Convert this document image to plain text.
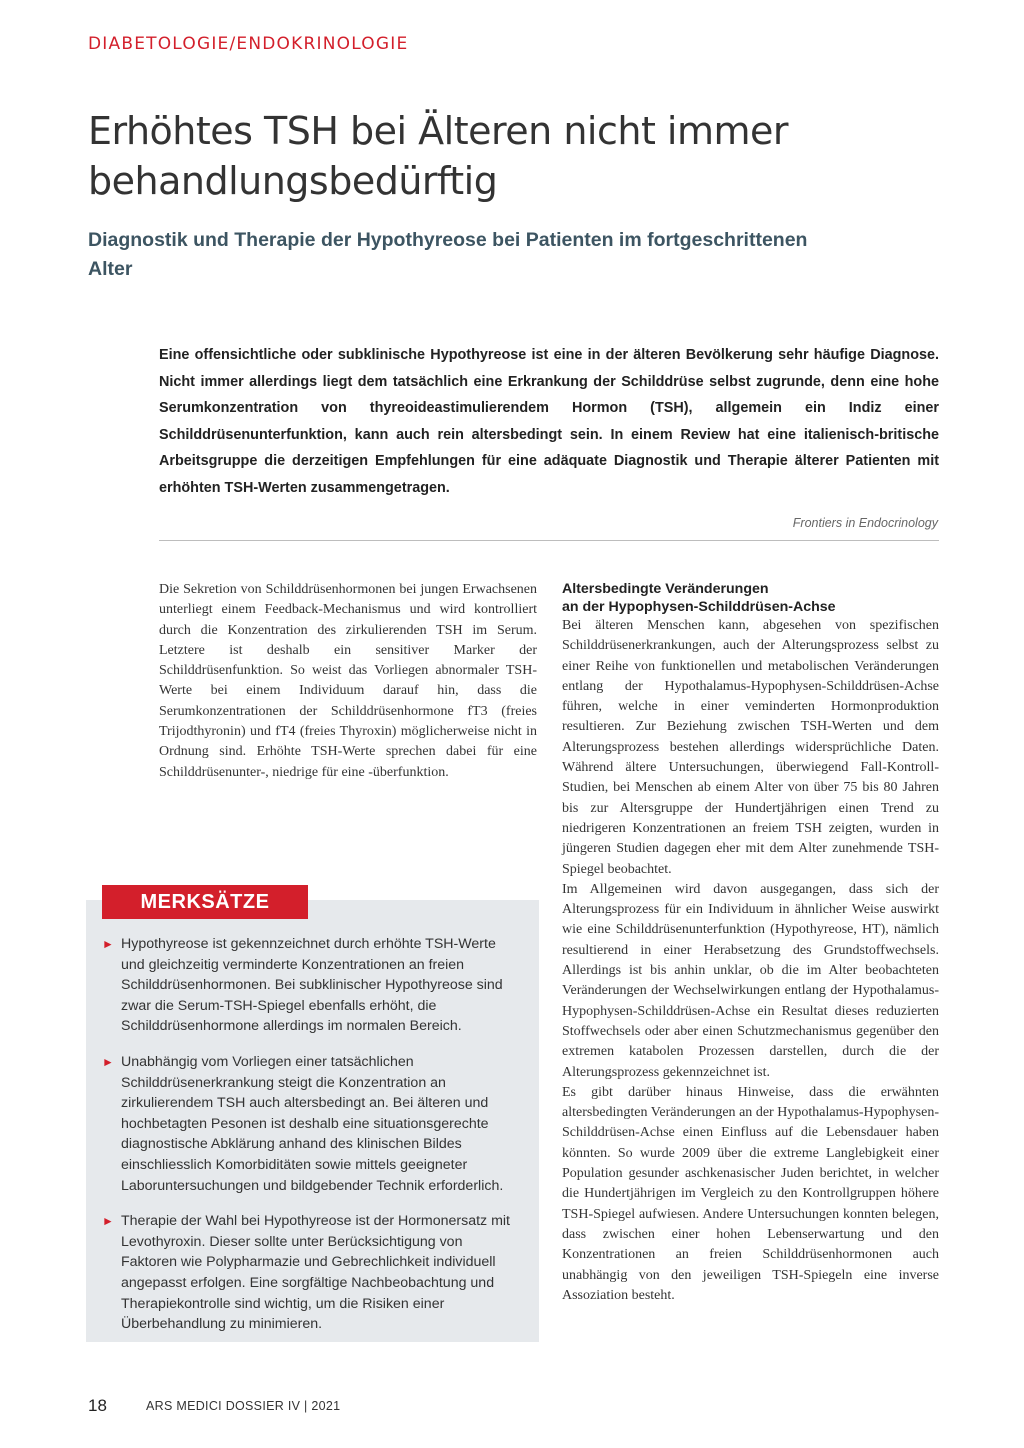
DIABETOLOGIE/ENDOKRINOLOGIE
Erhöhtes TSH bei Älteren nicht immer behandlungsbedürftig
Diagnostik und Therapie der Hypothyreose bei Patienten im fortgeschrittenen Alter

Eine offensichtliche oder subklinische Hypothyreose ist eine in der älteren Bevölkerung sehr häufige Diagnose. Nicht immer allerdings liegt dem tatsächlich eine Erkrankung der Schilddrüse selbst zugrunde, denn eine hohe Serumkonzentration von thyreoideastimulierendem Hormon (TSH), allgemein ein Indiz einer Schilddrüsenunterfunktion, kann auch rein altersbedingt sein. In einem Review hat eine italienisch-britische Arbeitsgruppe die derzeitigen Empfehlungen für eine adäquate Diagnostik und Therapie älterer Patienten mit erhöhten TSH-Werten zusammengetragen.

Frontiers in Endocrinology

Die Sekretion von Schilddrüsenhormonen bei jungen Erwachsenen unterliegt einem Feedback-Mechanismus und wird kontrolliert durch die Konzentration des zirkulierenden TSH im Serum. Letztere ist deshalb ein sensitiver Marker der Schilddrüsenfunktion. So weist das Vorliegen abnormaler TSH-Werte bei einem Individuum darauf hin, dass die Serumkonzentrationen der Schilddrüsenhormone fT3 (freies Trijodthyronin) und fT4 (freies Thyroxin) möglicherweise nicht in Ordnung sind. Erhöhte TSH-Werte sprechen dabei für eine Schilddrüsenunter-, niedrige für eine -überfunktion.

MERKSÄTZE
► Hypothyreose ist gekennzeichnet durch erhöhte TSH-Werte und gleichzeitig verminderte Konzentrationen an freien Schilddrüsenhormonen. Bei subklinischer Hypothyreose sind zwar die Serum-TSH-Spiegel ebenfalls erhöht, die Schilddrüsenhormone allerdings im normalen Bereich.
► Unabhängig vom Vorliegen einer tatsächlichen Schilddrüsenerkrankung steigt die Konzentration an zirkulierendem TSH auch altersbedingt an. Bei älteren und hochbetagten Pesonen ist deshalb eine situationsgerechte diagnostische Abklärung anhand des klinischen Bildes einschliesslich Komorbiditäten sowie mittels geeigneter Laboruntersuchungen und bildgebender Technik erforderlich.
► Therapie der Wahl bei Hypothyreose ist der Hormonersatz mit Levothyroxin. Dieser sollte unter Berücksichtigung von Faktoren wie Polypharmazie und Gebrechlichkeit individuell angepasst erfolgen. Eine sorgfältige Nachbeobachtung und Therapiekontrolle sind wichtig, um die Risiken einer Überbehandlung zu minimieren.
Altersbedingte Veränderungen
an der Hypophysen-Schilddrüsen-Achse

Bei älteren Menschen kann, abgesehen von spezifischen Schilddrüsenerkrankungen, auch der Alterungsprozess selbst zu einer Reihe von funktionellen und metabolischen Veränderungen entlang der Hypothalamus-Hypophysen-Schilddrüsen-Achse führen, welche in einer veminderten Hormonproduktion resultieren. Zur Beziehung zwischen TSH-Werten und dem Alterungsprozess bestehen allerdings widersprüchliche Daten. Während ältere Untersuchungen, überwiegend Fall-Kontroll-Studien, bei Menschen ab einem Alter von über 75 bis 80 Jahren bis zur Altersgruppe der Hundertjährigen einen Trend zu niedrigeren Konzentrationen an freiem TSH zeigten, wurden in jüngeren Studien dagegen eher mit dem Alter zunehmende TSH-Spiegel beobachtet.

Im Allgemeinen wird davon ausgegangen, dass sich der Alterungsprozess für ein Individuum in ähnlicher Weise auswirkt wie eine Schilddrüsenunterfunktion (Hypothyreose, HT), nämlich resultierend in einer Herabsetzung des Grundstoffwechsels. Allerdings ist bis anhin unklar, ob die im Alter beobachteten Veränderungen der Wechselwirkungen entlang der Hypothalamus-Hypophysen-Schilddrüsen-Achse ein Resultat dieses reduzierten Stoffwechsels oder aber einen Schutzmechanismus gegenüber den extremen katabolen Prozessen darstellen, durch die der Alterungsprozess gekennzeichnet ist.

Es gibt darüber hinaus Hinweise, dass die erwähnten altersbedingten Veränderungen an der Hypothalamus-Hypophysen-Schilddrüsen-Achse einen Einfluss auf die Lebensdauer haben könnten. So wurde 2009 über die extreme Langlebigkeit einer Population gesunder aschkenasischer Juden berichtet, in welcher die Hundertjährigen im Vergleich zu den Kontrollgruppen höhere TSH-Spiegel aufwiesen. Andere Untersuchungen konnten belegen, dass zwischen einer hohen Lebenserwartung und den Konzentrationen an freien Schilddrüsenhormonen auch unabhängig von den jeweiligen TSH-Spiegeln eine inverse Assoziation besteht.

18	ARS MEDICI DOSSIER IV | 2021
